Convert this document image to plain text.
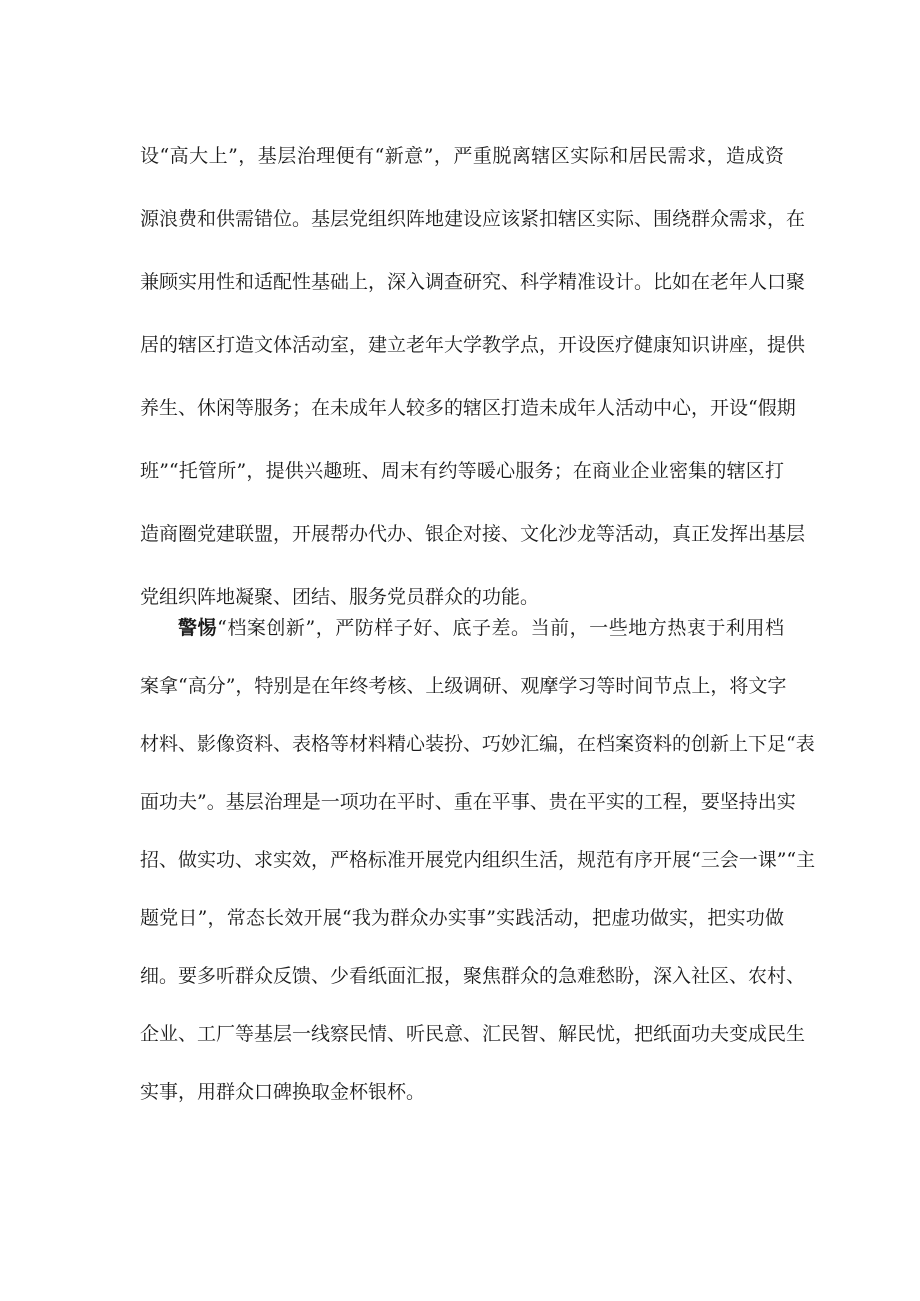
设“高大上”，基层治理便有“新意”，严重脱离辖区实际和居民需求，造成资
源浪费和供需错位。基层党组织阵地建设应该紧扣辖区实际、围绕群众需求，在
兼顾实用性和适配性基础上，深入调查研究、科学精准设计。比如在老年人口聚
居的辖区打造文体活动室，建立老年大学教学点，开设医疗健康知识讲座，提供
养生、休闲等服务；在未成年人较多的辖区打造未成年人活动中心，开设“假期
班”“托管所”，提供兴趣班、周末有约等暖心服务；在商业企业密集的辖区打
造商圈党建联盟，开展帮办代办、银企对接、文化沙龙等活动，真正发挥出基层
党组织阵地凝聚、团结、服务党员群众的功能。
警惕“档案创新”，严防样子好、底子差。当前，一些地方热衷于利用档
案拿“高分”，特别是在年终考核、上级调研、观摩学习等时间节点上，将文字
材料、影像资料、表格等材料精心装扮、巧妙汇编，在档案资料的创新上下足“表
面功夫”。基层治理是一项功在平时、重在平事、贵在平实的工程，要坚持出实
招、做实功、求实效，严格标准开展党内组织生活，规范有序开展“三会一课”“主
题党日”，常态长效开展“我为群众办实事”实践活动，把虚功做实，把实功做
细。要多听群众反馈、少看纸面汇报，聚焦群众的急难愁盼，深入社区、农村、
企业、工厂等基层一线察民情、听民意、汇民智、解民忧，把纸面功夫变成民生
实事，用群众口碑换取金杯银杯。
